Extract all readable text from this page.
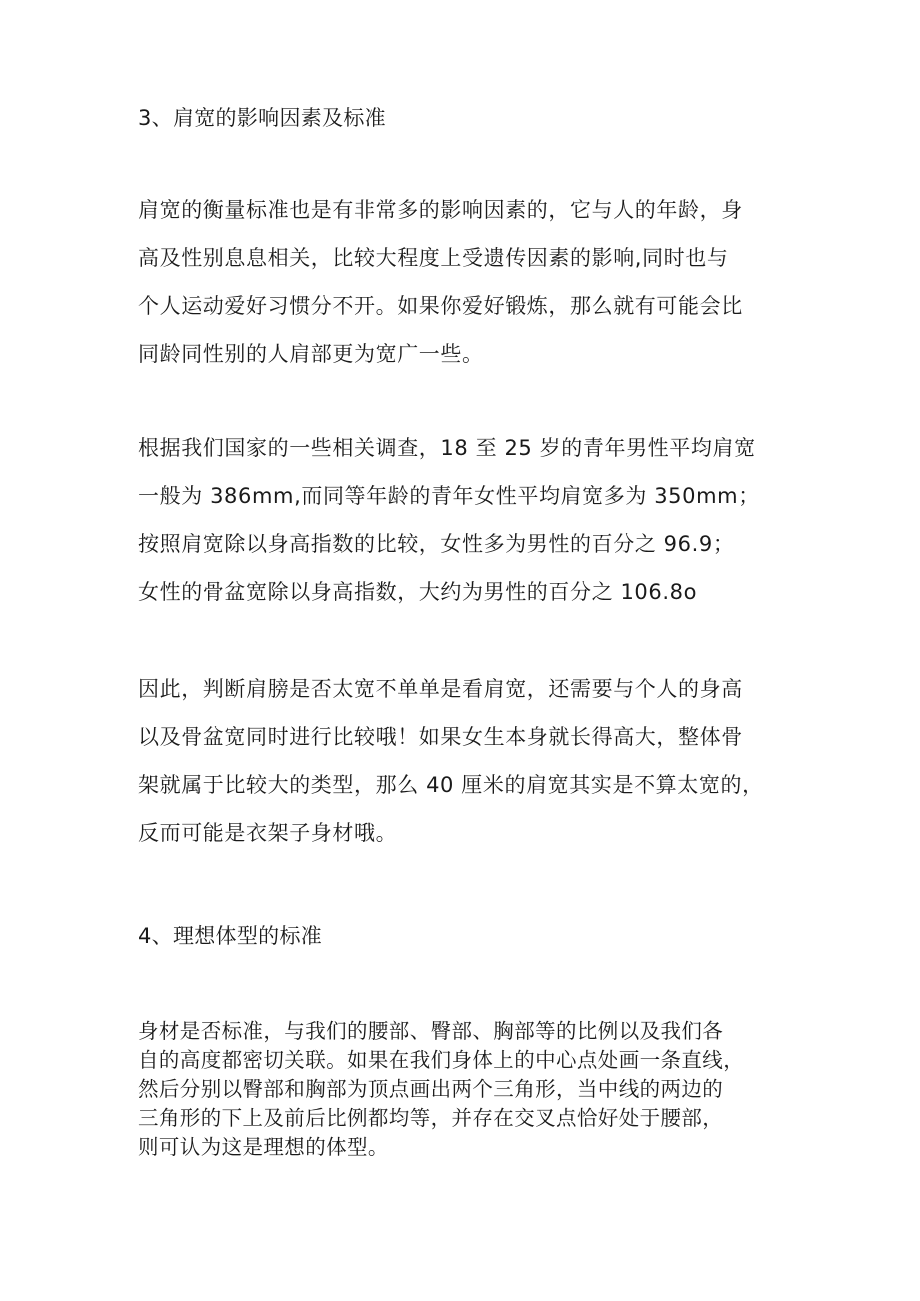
3、肩宽的影响因素及标准
肩宽的衡量标准也是有非常多的影响因素的，它与人的年龄，身
高及性别息息相关，比较大程度上受遗传因素的影响,同时也与
个人运动爱好习惯分不开。如果你爱好锻炼，那么就有可能会比
同龄同性别的人肩部更为宽广一些。
根据我们国家的一些相关调查，18 至 25 岁的青年男性平均肩宽
一般为 386mm,而同等年龄的青年女性平均肩宽多为 350mm；
按照肩宽除以身高指数的比较，女性多为男性的百分之 96.9；
女性的骨盆宽除以身高指数，大约为男性的百分之 106.8o
因此，判断肩膀是否太宽不单单是看肩宽，还需要与个人的身高
以及骨盆宽同时进行比较哦！如果女生本身就长得高大，整体骨
架就属于比较大的类型，那么 40 厘米的肩宽其实是不算太宽的，
反而可能是衣架子身材哦。
4、理想体型的标准
身材是否标准，与我们的腰部、臀部、胸部等的比例以及我们各
自的高度都密切关联。如果在我们身体上的中心点处画一条直线，
然后分别以臀部和胸部为顶点画出两个三角形，当中线的两边的
三角形的下上及前后比例都均等，并存在交叉点恰好处于腰部，
则可认为这是理想的体型。
